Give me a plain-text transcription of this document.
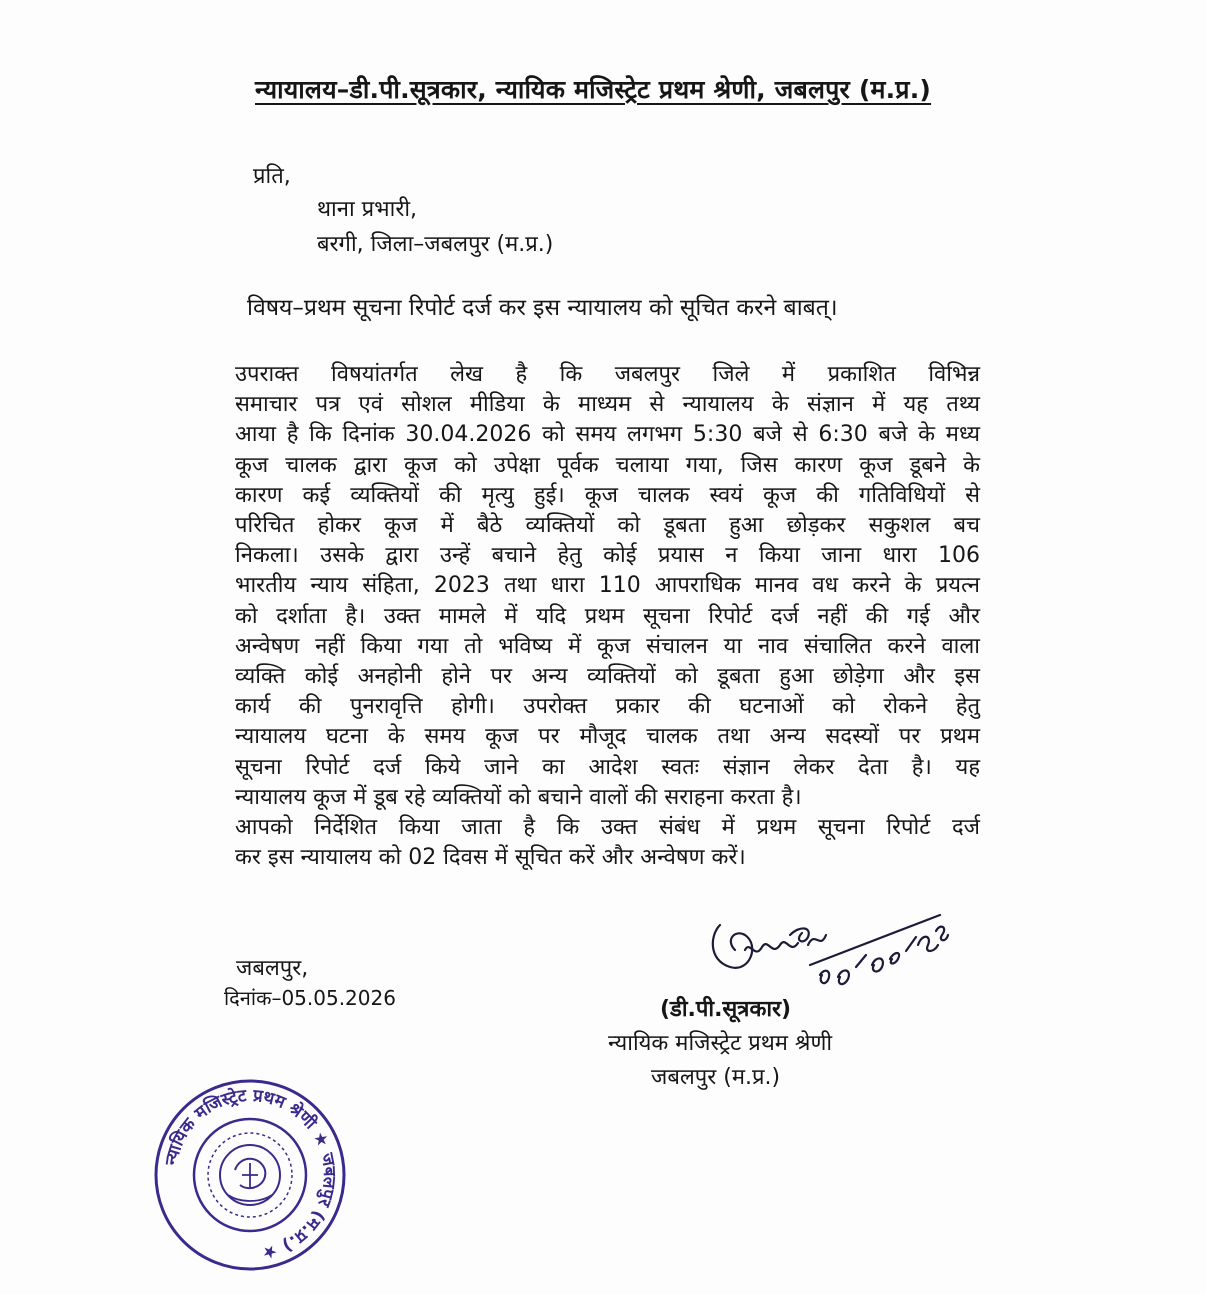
न्यायालय–डी.पी.सूत्रकार, न्यायिक मजिस्ट्रेट प्रथम श्रेणी, जबलपुर (म.प्र.)
प्रति,
थाना प्रभारी,
बरगी, जिला–जबलपुर (म.प्र.)
विषय–प्रथम सूचना रिपोर्ट दर्ज कर इस न्यायालय को सूचित करने बाबत्।
उपराक्त विषयांतर्गत लेख है कि जबलपुर जिले में प्रकाशित विभिन्न
समाचार पत्र एवं सोशल मीडिया के माध्यम से न्यायालय के संज्ञान में यह तथ्य
आया है कि दिनांक 30.04.2026 को समय लगभग 5:30 बजे से 6:30 बजे के मध्य
कूज चालक द्वारा कूज को उपेक्षा पूर्वक चलाया गया, जिस कारण कूज डूबने के
कारण कई व्यक्तियों की मृत्यु हुई। कूज चालक स्वयं कूज की गतिविधियों से
परिचित होकर कूज में बैठे व्यक्तियों को डूबता हुआ छोड़कर सकुशल बच
निकला। उसके द्वारा उन्हें बचाने हेतु कोई प्रयास न किया जाना धारा 106
भारतीय न्याय संहिता, 2023 तथा धारा 110 आपराधिक मानव वध करने के प्रयत्न
को दर्शाता है। उक्त मामले में यदि प्रथम सूचना रिपोर्ट दर्ज नहीं की गई और
अन्वेषण नहीं किया गया तो भविष्य में कूज संचालन या नाव संचालित करने वाला
व्यक्ति कोई अनहोनी होने पर अन्य व्यक्तियों को डूबता हुआ छोड़ेगा और इस
कार्य की पुनरावृत्ति होगी। उपरोक्त प्रकार की घटनाओं को रोकने हेतु
न्यायालय घटना के समय कूज पर मौजूद चालक तथा अन्य सदस्यों पर प्रथम
सूचना रिपोर्ट दर्ज किये जाने का आदेश स्वतः संज्ञान लेकर देता है। यह
न्यायालय कूज में डूब रहे व्यक्तियों को बचाने वालों की सराहना करता है।
आपको निर्देशित किया जाता है कि उक्त संबंध में प्रथम सूचना रिपोर्ट दर्ज
कर इस न्यायालय को 02 दिवस में सूचित करें और अन्वेषण करें।
जबलपुर,
दिनांक–05.05.2026	(डी.पी.सूत्रकार)
न्यायिक मजिस्ट्रेट प्रथम श्रेणी
जबलपुर (म.प्र.)
न्यायिक मजिस्ट्रेट प्रथम श्रेणी ★ जबलपुर (म.प्र.) ★
